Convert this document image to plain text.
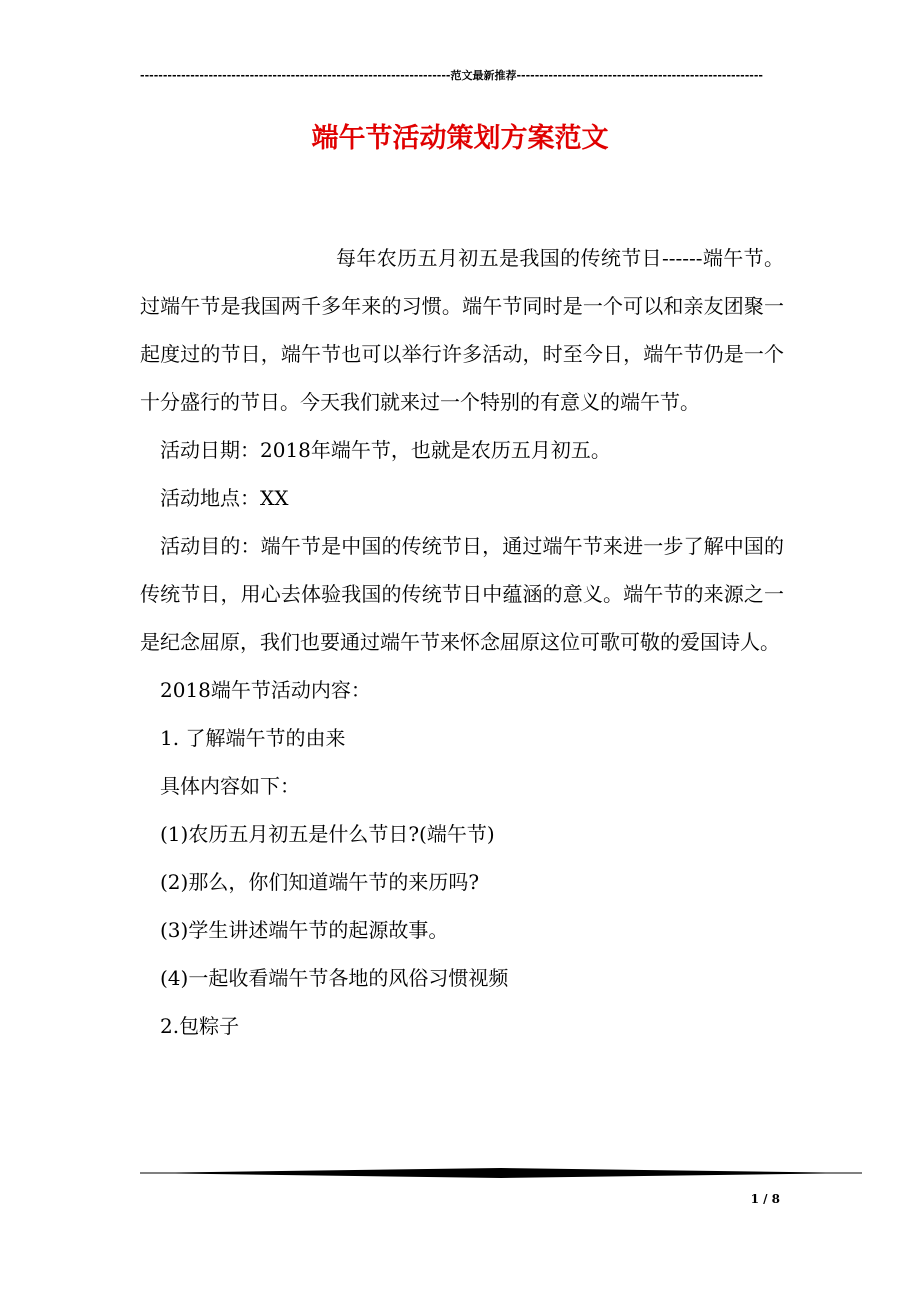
--------------------------------------------------------------------范文最新推荐------------------------------------------------------
端午节活动策划方案范文

每年农历五月初五是我国的传统节日------端午节。过端午节是我国两千多年来的习惯。端午节同时是一个可以和亲友团聚一起度过的节日，端午节也可以举行许多活动，时至今日，端午节仍是一个十分盛行的节日。今天我们就来过一个特别的有意义的端午节。

活动日期：2018年端午节，也就是农历五月初五。

活动地点：XX

活动目的：端午节是中国的传统节日，通过端午节来进一步了解中国的传统节日，用心去体验我国的传统节日中蕴涵的意义。端午节的来源之一是纪念屈原，我们也要通过端午节来怀念屈原这位可歌可敬的爱国诗人。

2018端午节活动内容：

1. 了解端午节的由来

具体内容如下：

(1)农历五月初五是什么节日?(端午节)

(2)那么，你们知道端午节的来历吗?

(3)学生讲述端午节的起源故事。

(4)一起收看端午节各地的风俗习惯视频

2.包粽子

1 / 8
